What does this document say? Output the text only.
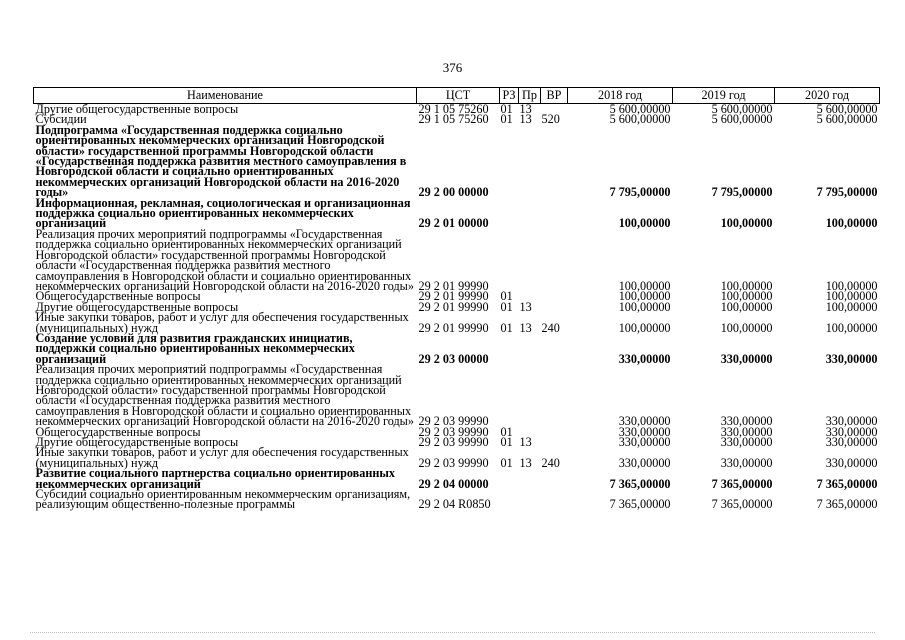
376
Наименование	ЦСТ	РЗ	Пр	ВР	2018 год	2019 год	2020 год
Другие общегосударственные вопросы	29 1 05 75260	01	13		5 600,00000	5 600,00000	5 600,00000
Субсидии	29 1 05 75260	01	13	520	5 600,00000	5 600,00000	5 600,00000
Подпрограмма «Государственная поддержка социально ориентированных некоммерческих организаций Новгородской области» государственной программы Новгородской области «Государственная поддержка развития местного самоуправления в Новгородской области и социально ориентированных некоммерческих организаций Новгородской области на 2016-2020 годы»	29 2 00 00000				7 795,00000	7 795,00000	7 795,00000
Информационная, рекламная, социологическая и организационная поддержка социально ориентированных некоммерческих организаций	29 2 01 00000				100,00000	100,00000	100,00000
Реализация прочих мероприятий подпрограммы «Государственная поддержка социально ориентированных некоммерческих организаций Новгородской области» государственной программы Новгородской области «Государственная поддержка развития местного самоуправления в Новгородской области и социально ориентированных некоммерческих организаций Новгородской области на 2016-2020 годы»	29 2 01 99990				100,00000	100,00000	100,00000
Общегосударственные вопросы	29 2 01 99990	01			100,00000	100,00000	100,00000
Другие общегосударственные вопросы	29 2 01 99990	01	13		100,00000	100,00000	100,00000
Иные закупки товаров, работ и услуг для обеспечения государственных (муниципальных) нужд	29 2 01 99990	01	13	240	100,00000	100,00000	100,00000
Создание условий для развития гражданских инициатив, поддержки социально ориентированных некоммерческих организаций	29 2 03 00000				330,00000	330,00000	330,00000
Реализация прочих мероприятий подпрограммы «Государственная поддержка социально ориентированных некоммерческих организаций Новгородской области» государственной программы Новгородской области «Государственная поддержка развития местного самоуправления в Новгородской области и социально ориентированных некоммерческих организаций Новгородской области на 2016-2020 годы»	29 2 03 99990				330,00000	330,00000	330,00000
Общегосударственные вопросы	29 2 03 99990	01			330,00000	330,00000	330,00000
Другие общегосударственные вопросы	29 2 03 99990	01	13		330,00000	330,00000	330,00000
Иные закупки товаров, работ и услуг для обеспечения государственных (муниципальных) нужд	29 2 03 99990	01	13	240	330,00000	330,00000	330,00000
Развитие социального партнерства социально ориентированных некоммерческих организаций	29 2 04 00000				7 365,00000	7 365,00000	7 365,00000
Субсидии социально ориентированным некоммерческим организациям, реализующим общественно-полезные программы	29 2 04 R0850				7 365,00000	7 365,00000	7 365,00000
